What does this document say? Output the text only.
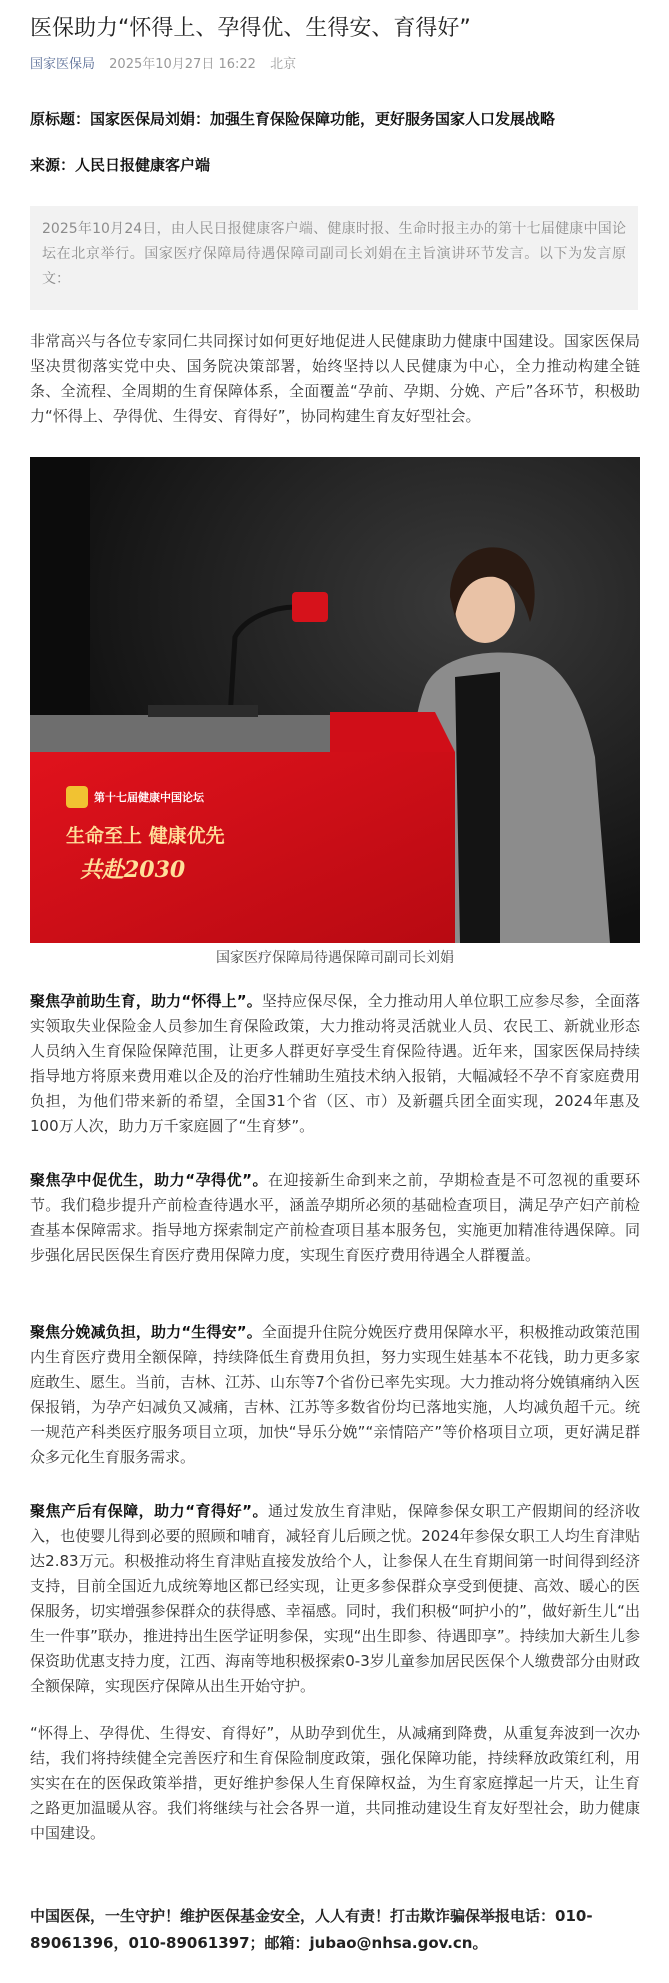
医保助力“怀得上、孕得优、生得安、育得好”
国家医保局 2025年10月27日 16:22 北京

原标题：国家医保局刘娟：加强生育保险保障功能，更好服务国家人口发展战略

来源：人民日报健康客户端

2025年10月24日，由人民日报健康客户端、健康时报、生命时报主办的第十七届健康中国论坛在北京举行。国家医疗保障局待遇保障司副司长刘娟在主旨演讲环节发言。以下为发言原文：

非常高兴与各位专家同仁共同探讨如何更好地促进人民健康助力健康中国建设。国家医保局坚决贯彻落实党中央、国务院决策部署，始终坚持以人民健康为中心，全力推动构建全链条、全流程、全周期的生育保障体系，全面覆盖“孕前、孕期、分娩、产后”各环节，积极助力“怀得上、孕得优、生得安、育得好”，协同构建生育友好型社会。

第十七届健康中国论坛
生命至上 健康优先
共赴2030
国家医疗保障局待遇保障司副司长刘娟

聚焦孕前助生育，助力“怀得上”。坚持应保尽保，全力推动用人单位职工应参尽参，全面落实领取失业保险金人员参加生育保险政策，大力推动将灵活就业人员、农民工、新就业形态人员纳入生育保险保障范围，让更多人群更好享受生育保险待遇。近年来，国家医保局持续指导地方将原来费用难以企及的治疗性辅助生殖技术纳入报销，大幅减轻不孕不育家庭费用负担，为他们带来新的希望，全国31个省（区、市）及新疆兵团全面实现，2024年惠及100万人次，助力万千家庭圆了“生育梦”。

聚焦孕中促优生，助力“孕得优”。在迎接新生命到来之前，孕期检查是不可忽视的重要环节。我们稳步提升产前检查待遇水平，涵盖孕期所必须的基础检查项目，满足孕产妇产前检查基本保障需求。指导地方探索制定产前检查项目基本服务包，实施更加精准待遇保障。同步强化居民医保生育医疗费用保障力度，实现生育医疗费用待遇全人群覆盖。

聚焦分娩减负担，助力“生得安”。全面提升住院分娩医疗费用保障水平，积极推动政策范围内生育医疗费用全额保障，持续降低生育费用负担，努力实现生娃基本不花钱，助力更多家庭敢生、愿生。当前，吉林、江苏、山东等7个省份已率先实现。大力推动将分娩镇痛纳入医保报销，为孕产妇减负又减痛，吉林、江苏等多数省份均已落地实施，人均减负超千元。统一规范产科类医疗服务项目立项，加快“导乐分娩”“亲情陪产”等价格项目立项，更好满足群众多元化生育服务需求。

聚焦产后有保障，助力“育得好”。通过发放生育津贴，保障参保女职工产假期间的经济收入，也使婴儿得到必要的照顾和哺育，减轻育儿后顾之忧。2024年参保女职工人均生育津贴达2.83万元。积极推动将生育津贴直接发放给个人，让参保人在生育期间第一时间得到经济支持，目前全国近九成统筹地区都已经实现，让更多参保群众享受到便捷、高效、暖心的医保服务，切实增强参保群众的获得感、幸福感。同时，我们积极“呵护小的”，做好新生儿“出生一件事”联办，推进持出生医学证明参保，实现“出生即参、待遇即享”。持续加大新生儿参保资助优惠支持力度，江西、海南等地积极探索0-3岁儿童参加居民医保个人缴费部分由财政全额保障，实现医疗保障从出生开始守护。

“怀得上、孕得优、生得安、育得好”，从助孕到优生，从减痛到降费，从重复奔波到一次办结，我们将持续健全完善医疗和生育保险制度政策，强化保障功能，持续释放政策红利，用实实在在的医保政策举措，更好维护参保人生育保障权益，为生育家庭撑起一片天，让生育之路更加温暖从容。我们将继续与社会各界一道，共同推动建设生育友好型社会，助力健康中国建设。

中国医保，一生守护！维护医保基金安全，人人有责！打击欺诈骗保举报电话：010-89061396，010-89061397；邮箱：jubao@nhsa.gov.cn。
